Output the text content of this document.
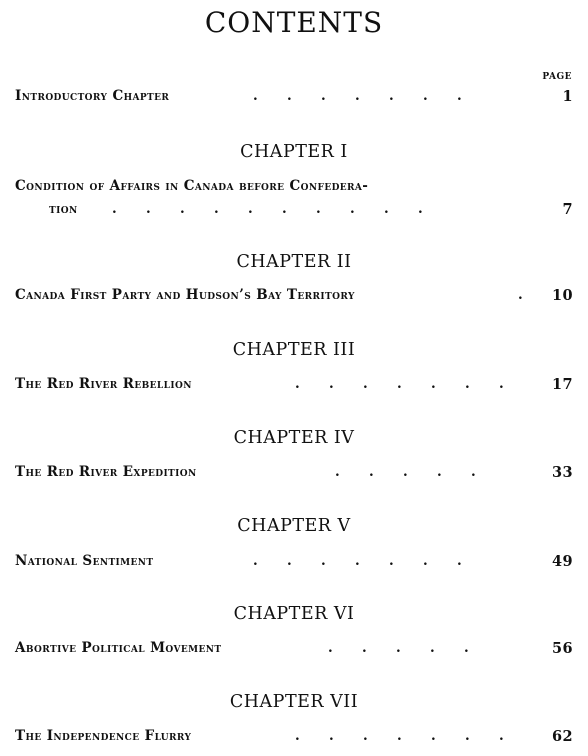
CONTENTS
PAGE
Introductory Chapter	. . . . . . .	1
CHAPTER I
Condition of Affairs in Canada before Confedera-
tion	. . . . . . . . . .	7
CHAPTER II
Canada First Party and Hudson’s Bay Territory	. 10
CHAPTER III
The Red River Rebellion	. . . . . . . 17
CHAPTER IV
The Red River Expedition	. . . . .	33
CHAPTER V
National Sentiment	. . . . . . .	49
CHAPTER VI
Abortive Political Movement	. . . . .	56
CHAPTER VII
The Independence Flurry	. . . . . . . 62
